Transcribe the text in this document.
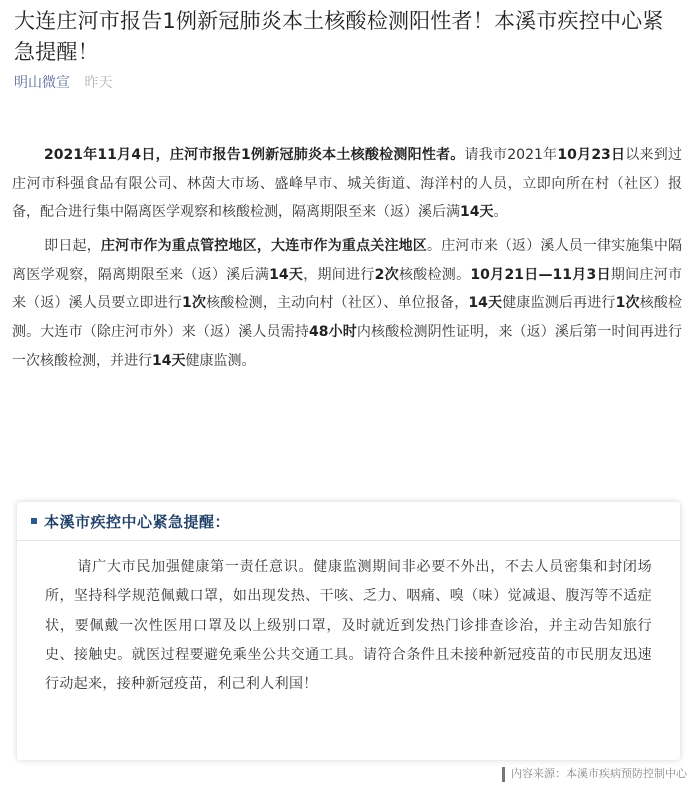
大连庄河市报告1例新冠肺炎本土核酸检测阳性者！本溪市疾控中心紧急提醒！
明山微宣 昨天

2021年11月4日，庄河市报告1例新冠肺炎本土核酸检测阳性者。请我市2021年10月23日以来到过庄河市科强食品有限公司、林茵大市场、盛峰早市、城关街道、海洋村的人员，立即向所在村（社区）报备，配合进行集中隔离医学观察和核酸检测，隔离期限至来（返）溪后满14天。

即日起，庄河市作为重点管控地区，大连市作为重点关注地区。庄河市来（返）溪人员一律实施集中隔离医学观察，隔离期限至来（返）溪后满14天，期间进行2次核酸检测。10月21日—11月3日期间庄河市来（返）溪人员要立即进行1次核酸检测，主动向村（社区）、单位报备，14天健康监测后再进行1次核酸检测。大连市（除庄河市外）来（返）溪人员需持48小时内核酸检测阴性证明，来（返）溪后第一时间再进行一次核酸检测，并进行14天健康监测。

本溪市疾控中心紧急提醒：
请广大市民加强健康第一责任意识。健康监测期间非必要不外出，不去人员密集和封闭场所，坚持科学规范佩戴口罩，如出现发热、干咳、乏力、咽痛、嗅（味）觉减退、腹泻等不适症状，要佩戴一次性医用口罩及以上级别口罩，及时就近到发热门诊排查诊治，并主动告知旅行史、接触史。就医过程要避免乘坐公共交通工具。请符合条件且未接种新冠疫苗的市民朋友迅速行动起来，接种新冠疫苗，利己利人利国！
内容来源：本溪市疾病预防控制中心
